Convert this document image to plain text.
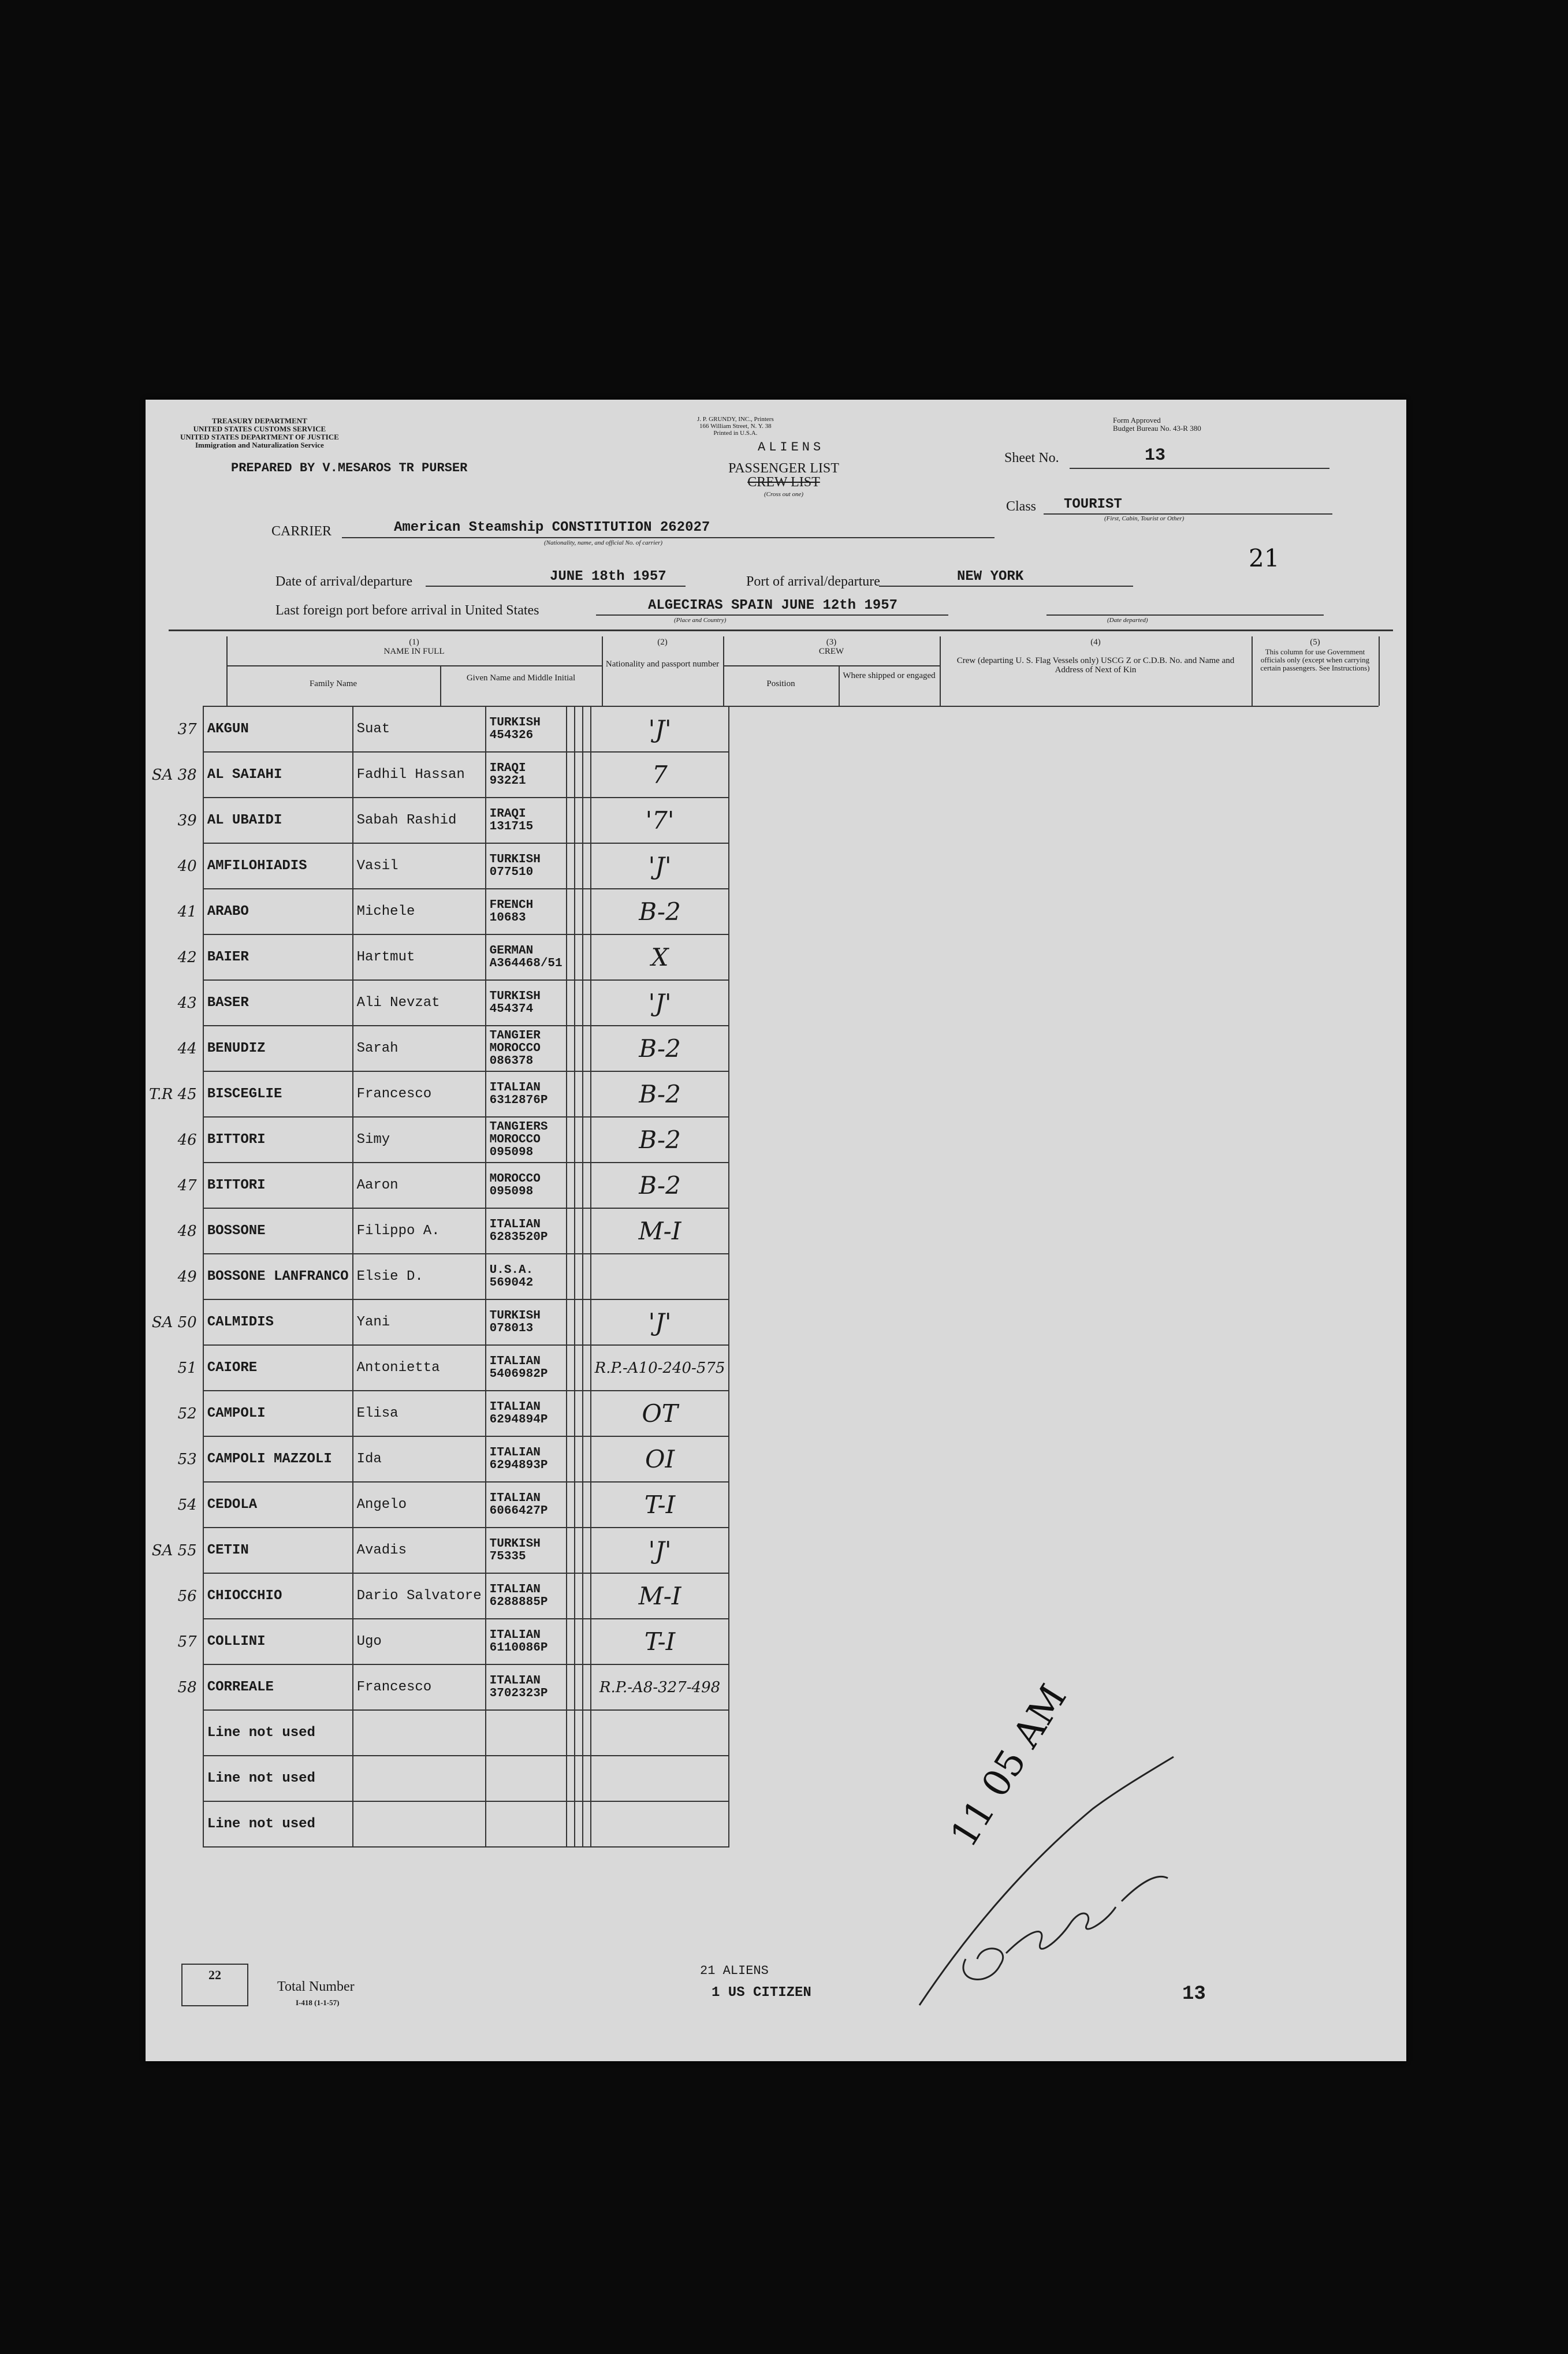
TREASURY DEPARTMENT
UNITED STATES CUSTOMS SERVICE
UNITED STATES DEPARTMENT OF JUSTICE
Immigration and Naturalization Service
J. P. GRUNDY, INC., Printers
166 William Street, N. Y. 38
Printed in U.S.A.
ALIENS
PASSENGER LIST
CREW LIST
(Cross out one)
Form Approved
Budget Bureau No. 43-R 380
Sheet No.	13
PREPARED BY V.MESAROS TR PURSER
Class TOURIST
(First, Cabin, Tourist or Other)
CARRIER	American Steamship CONSTITUTION 262027
(Nationality, name, and official No. of carrier)
21
Date of arrival/departure	JUNE 18th 1957	Port of arrival/departure	NEW YORK
Last foreign port before arrival in United States	ALGECIRAS SPAIN JUNE 12th 1957
(Place and Country)	(Date departed)
(1)
NAME IN FULL
Family Name
Given Name and Middle Initial
(2)
Nationality and passport number
(3)
CREW
Position
Where shipped or engaged
(4)
Crew (departing U. S. Flag Vessels only) USCG Z or C.D.B. No. and Name and Address of Next of Kin
(5)
This column for use Government officials only (except when carrying certain passengers. See Instructions)
37	AKGUN	Suat	TURKISH 454326				'J'
SA 38	AL SAIAHI	Fadhil Hassan	IRAQI 93221				7
39	AL UBAIDI	Sabah Rashid	IRAQI 131715				'7'
40	AMFILOHIADIS	Vasil	TURKISH 077510				'J'
41	ARABO	Michele	FRENCH 10683				B-2
42	BAIER	Hartmut	GERMAN A364468/51				X
43	BASER	Ali Nevzat	TURKISH 454374				'J'
44	BENUDIZ	Sarah	TANGIER MOROCCO 086378				B-2
T.R 45	BISCEGLIE	Francesco	ITALIAN 6312876P				B-2
46	BITTORI	Simy	TANGIERS MOROCCO 095098				B-2
47	BITTORI	Aaron	MOROCCO 095098				B-2
48	BOSSONE	Filippo A.	ITALIAN 6283520P				M-I
49	BOSSONE LANFRANCO	Elsie D.	U.S.A. 569042				
SA 50	CALMIDIS	Yani	TURKISH 078013				'J'
51	CAIORE	Antonietta	ITALIAN 5406982P				R.P.-A10-240-575
52	CAMPOLI	Elisa	ITALIAN 6294894P				OT
53	CAMPOLI MAZZOLI	Ida	ITALIAN 6294893P				OI
54	CEDOLA	Angelo	ITALIAN 6066427P				T-I
SA 55	CETIN	Avadis	TURKISH 75335				'J'
56	CHIOCCHIO	Dario Salvatore	ITALIAN 6288885P				M-I
57	COLLINI	Ugo	ITALIAN 6110086P				T-I
58	CORREALE	Francesco	ITALIAN 3702323P				R.P.-A8-327-498
	Line not used						
	Line not used						
	Line not used						
22
Total Number
I-418 (1-1-57)
21 ALIENS
1 US CITIZEN	13
11 05 AM
